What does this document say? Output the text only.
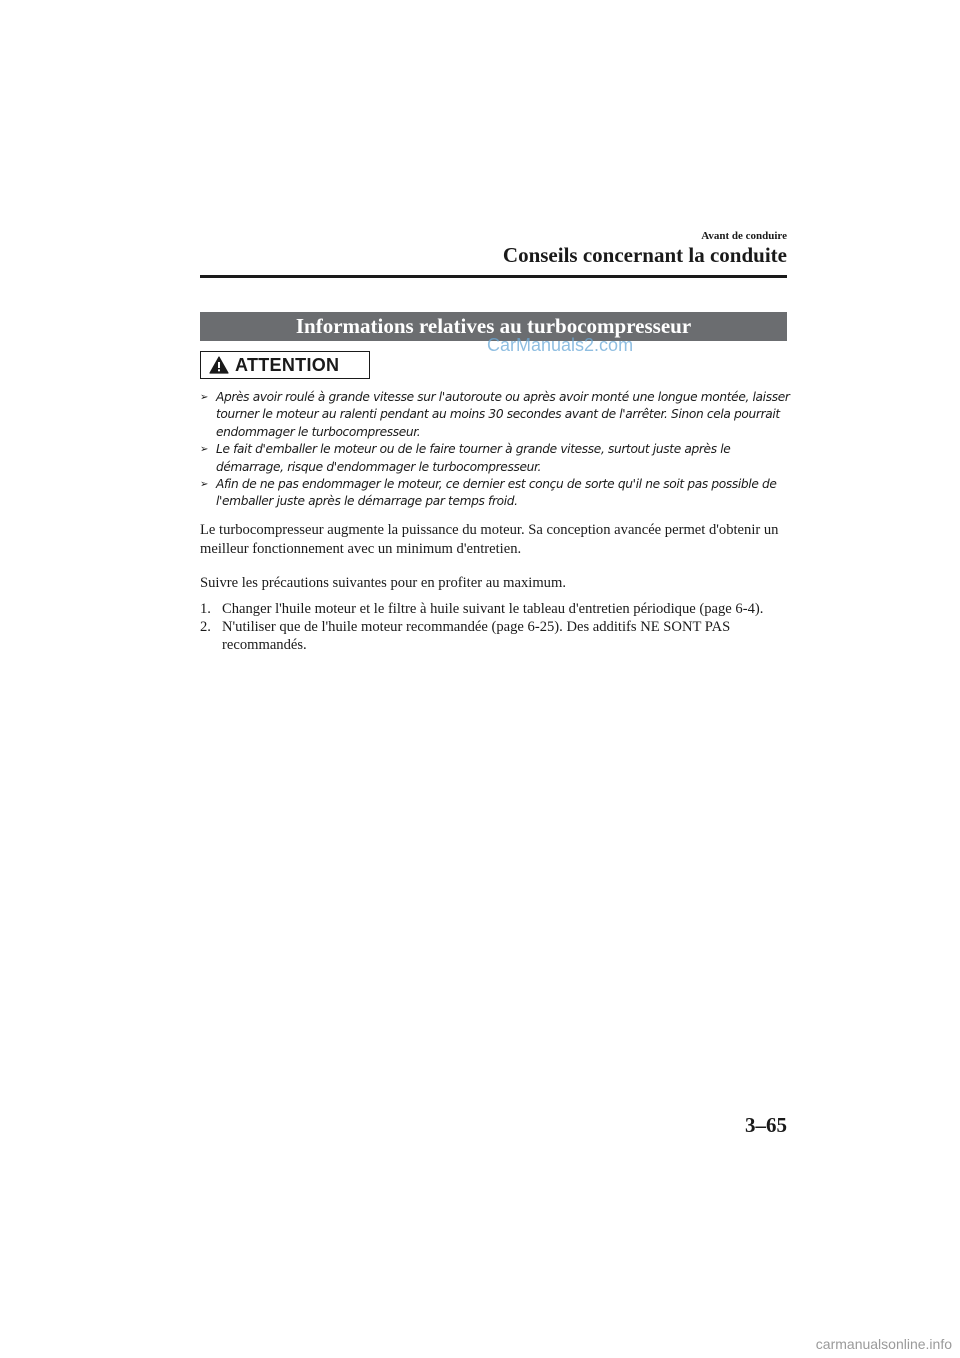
Avant de conduire
Conseils concernant la conduite
Informations relatives au turbocompresseur
CarManuals2.com
ATTENTION
➢ Après avoir roulé à grande vitesse sur l'autoroute ou après avoir monté une longue montée, laisser tourner le moteur au ralenti pendant au moins 30 secondes avant de l'arrêter. Sinon cela pourrait endommager le turbocompresseur.
➢ Le fait d'emballer le moteur ou de le faire tourner à grande vitesse, surtout juste après le démarrage, risque d'endommager le turbocompresseur.
➢ Afin de ne pas endommager le moteur, ce dernier est conçu de sorte qu'il ne soit pas possible de l'emballer juste après le démarrage par temps froid.

Le turbocompresseur augmente la puissance du moteur. Sa conception avancée permet d'obtenir un meilleur fonctionnement avec un minimum d'entretien.

Suivre les précautions suivantes pour en profiter au maximum.

1. Changer l'huile moteur et le filtre à huile suivant le tableau d'entretien périodique (page 6-4).
2. N'utiliser que de l'huile moteur recommandée (page 6-25). Des additifs NE SONT PAS recommandés.
3–65
carmanualsonline.info
